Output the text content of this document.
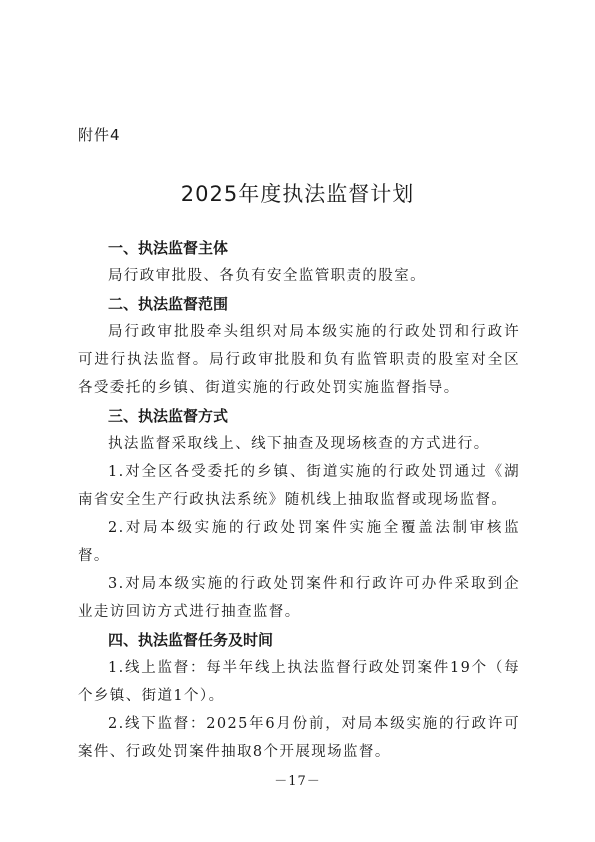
附件4
2025年度执法监督计划
一、执法监督主体
局行政审批股、各负有安全监管职责的股室。
二、执法监督范围
局行政审批股牵头组织对局本级实施的行政处罚和行政许可进行执法监督。局行政审批股和负有监管职责的股室对全区各受委托的乡镇、街道实施的行政处罚实施监督指导。
三、执法监督方式
执法监督采取线上、线下抽查及现场核查的方式进行。
1.对全区各受委托的乡镇、街道实施的行政处罚通过《湖南省安全生产行政执法系统》随机线上抽取监督或现场监督。
2.对局本级实施的行政处罚案件实施全覆盖法制审核监督。
3.对局本级实施的行政处罚案件和行政许可办件采取到企业走访回访方式进行抽查监督。
四、执法监督任务及时间
1.线上监督：每半年线上执法监督行政处罚案件19个（每个乡镇、街道1个）。
2.线下监督：2025年6月份前，对局本级实施的行政许可案件、行政处罚案件抽取8个开展现场监督。
－17－
